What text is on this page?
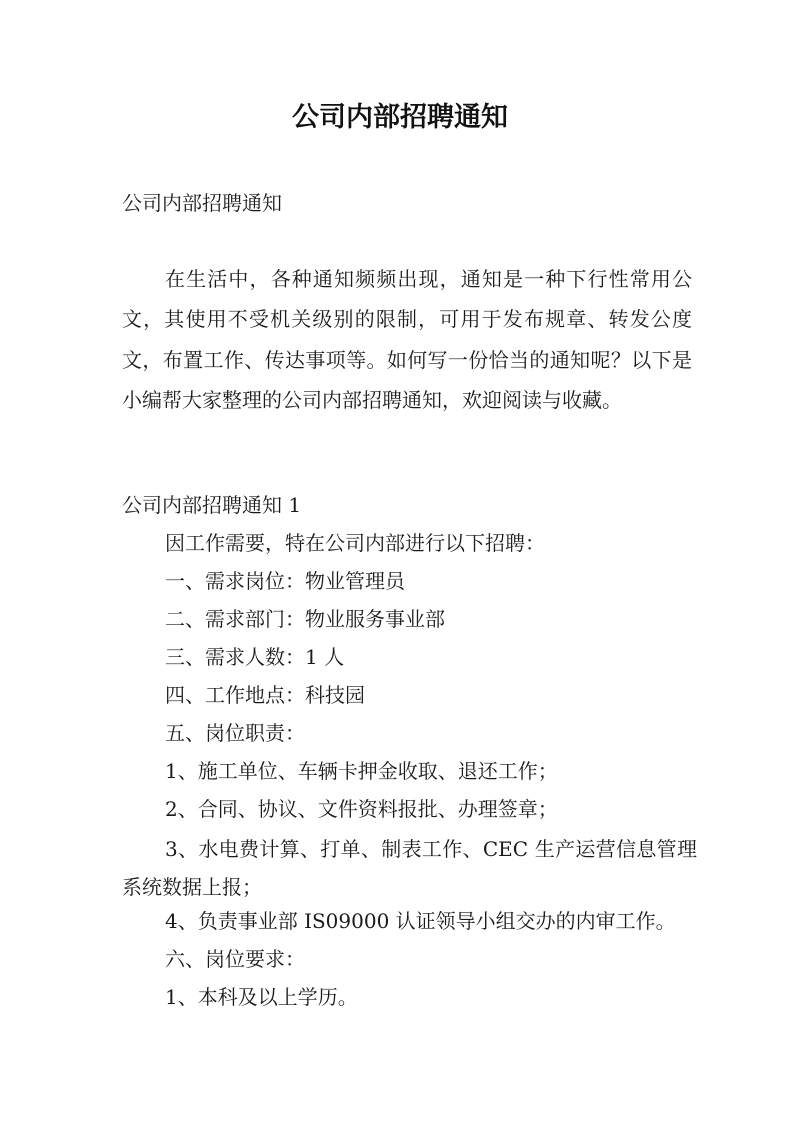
公司内部招聘通知
公司内部招聘通知
在生活中，各种通知频频出现，通知是一种下行性常用公文，其使用不受机关级别的限制，可用于发布规章、转发公度文，布置工作、传达事项等。如何写一份恰当的通知呢？以下是小编帮大家整理的公司内部招聘通知，欢迎阅读与收藏。
公司内部招聘通知 1
因工作需要，特在公司内部进行以下招聘：
一、需求岗位：物业管理员
二、需求部门：物业服务事业部
三、需求人数：1 人
四、工作地点：科技园
五、岗位职责：
1、施工单位、车辆卡押金收取、退还工作；
2、合同、协议、文件资料报批、办理签章；
3、水电费计算、打单、制表工作、CEC 生产运营信息管理系统数据上报；
4、负责事业部 IS09000 认证领导小组交办的内审工作。
六、岗位要求：
1、本科及以上学历。
